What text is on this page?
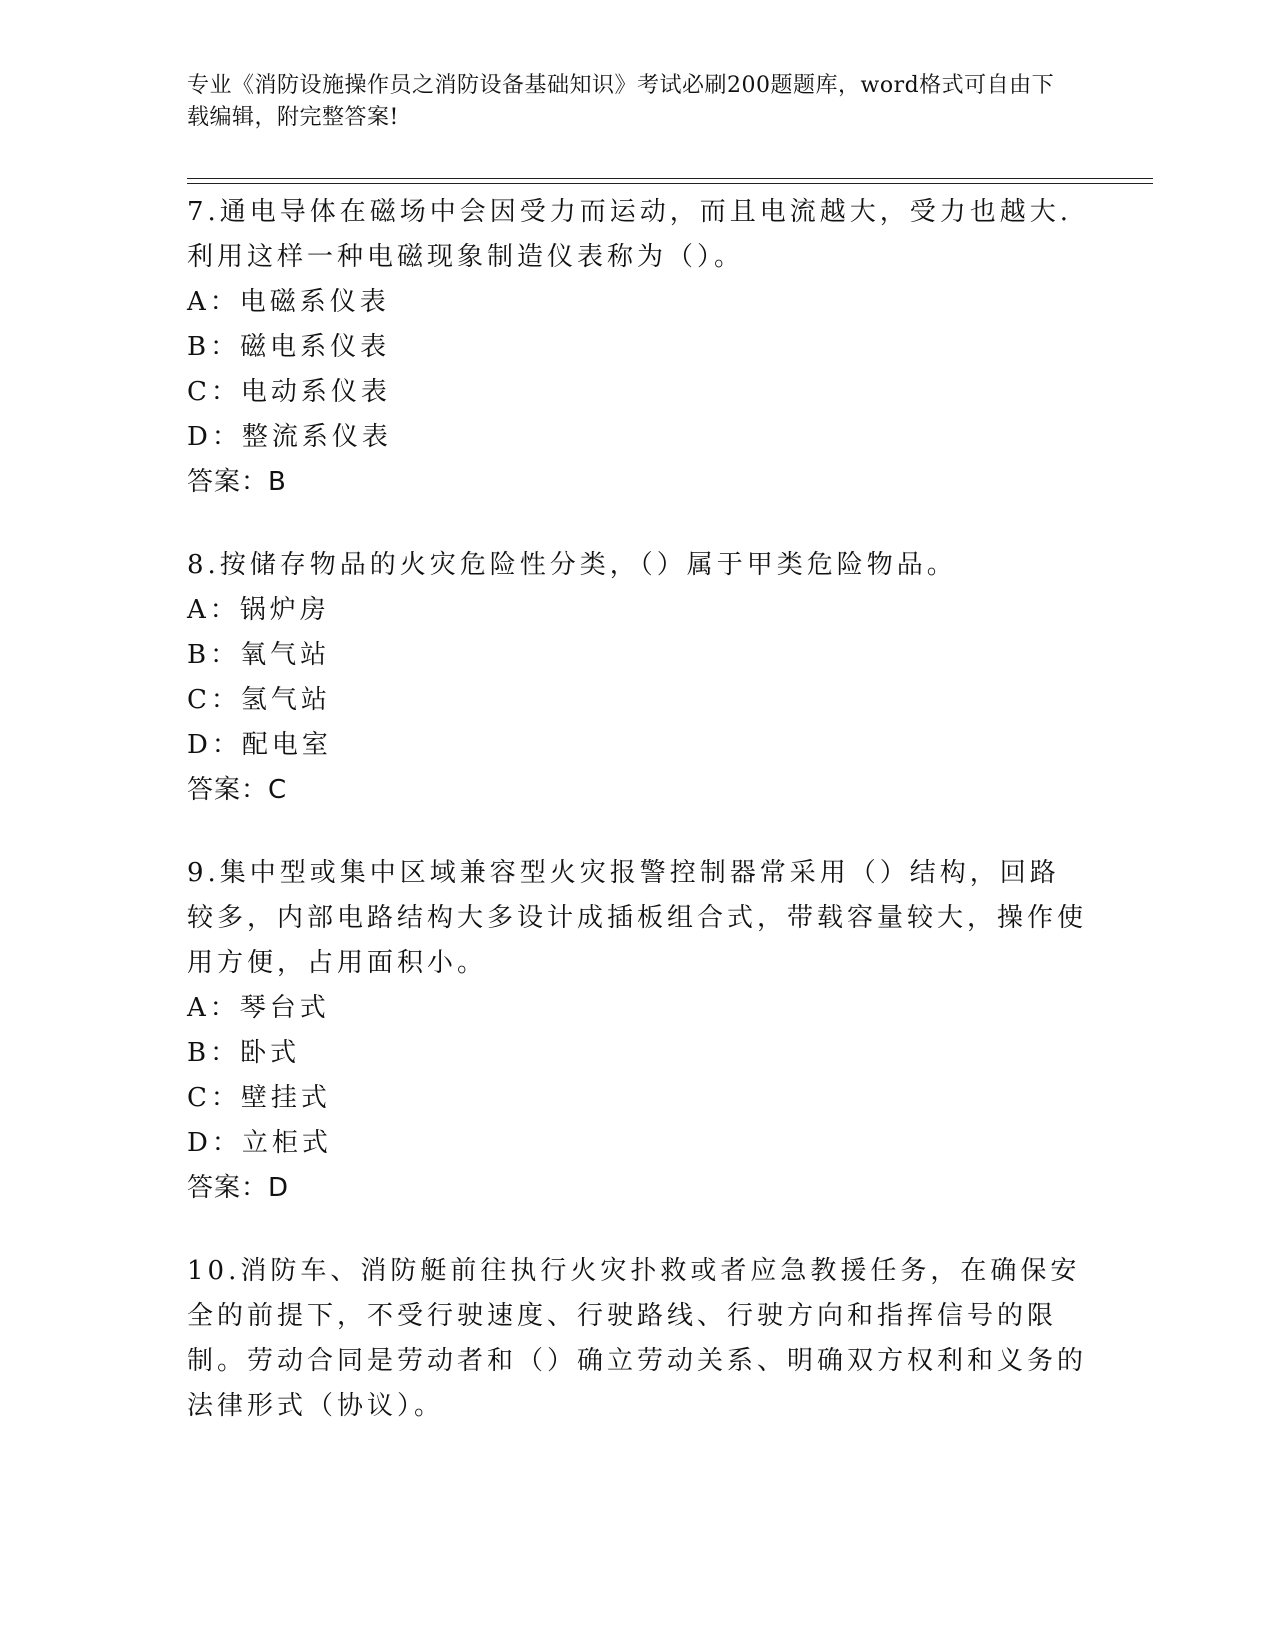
专业《消防设施操作员之消防设备基础知识》考试必刷200题题库，word格式可自由下载编辑，附完整答案!
7.通电导体在磁场中会因受力而运动，而且电流越大，受力也越大.利用这样一种电磁现象制造仪表称为（）。
A：电磁系仪表
B：磁电系仪表
C：电动系仪表
D：整流系仪表
答案：B
8.按储存物品的火灾危险性分类，（）属于甲类危险物品。
A：锅炉房
B：氧气站
C：氢气站
D：配电室
答案：C
9.集中型或集中区域兼容型火灾报警控制器常采用（）结构，回路较多，内部电路结构大多设计成插板组合式，带载容量较大，操作使用方便，占用面积小。
A：琴台式
B：卧式
C：壁挂式
D：立柜式
答案：D
10.消防车、消防艇前往执行火灾扑救或者应急教援任务，在确保安全的前提下，不受行驶速度、行驶路线、行驶方向和指挥信号的限制。劳动合同是劳动者和（）确立劳动关系、明确双方权利和义务的法律形式（协议）。
